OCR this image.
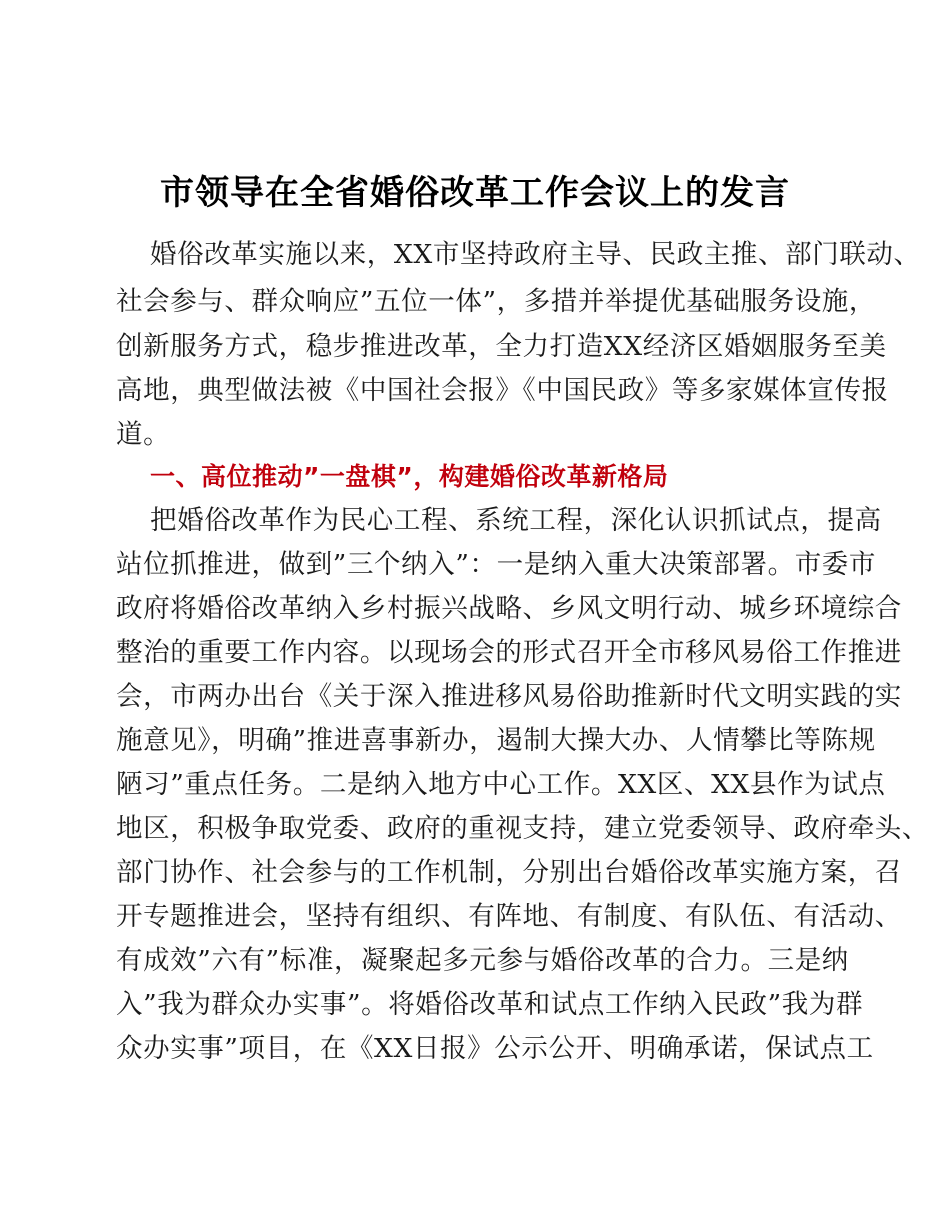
市领导在全省婚俗改革工作会议上的发言
婚俗改革实施以来，XX市坚持政府主导、民政主推、部门联动、
社会参与、群众响应”五位一体”，多措并举提优基础服务设施，
创新服务方式，稳步推进改革，全力打造XX经济区婚姻服务至美
高地，典型做法被《中国社会报》《中国民政》等多家媒体宣传报
道。
一、高位推动”一盘棋”，构建婚俗改革新格局
把婚俗改革作为民心工程、系统工程，深化认识抓试点，提高
站位抓推进，做到”三个纳入”：一是纳入重大决策部署。市委市
政府将婚俗改革纳入乡村振兴战略、乡风文明行动、城乡环境综合
整治的重要工作内容。以现场会的形式召开全市移风易俗工作推进
会，市两办出台《关于深入推进移风易俗助推新时代文明实践的实
施意见》，明确”推进喜事新办，遏制大操大办、人情攀比等陈规
陋习”重点任务。二是纳入地方中心工作。XX区、XX县作为试点
地区，积极争取党委、政府的重视支持，建立党委领导、政府牵头、
部门协作、社会参与的工作机制，分别出台婚俗改革实施方案，召
开专题推进会，坚持有组织、有阵地、有制度、有队伍、有活动、
有成效”六有”标准，凝聚起多元参与婚俗改革的合力。三是纳
入”我为群众办实事”。将婚俗改革和试点工作纳入民政”我为群
众办实事”项目，在《XX日报》公示公开、明确承诺，保试点工
